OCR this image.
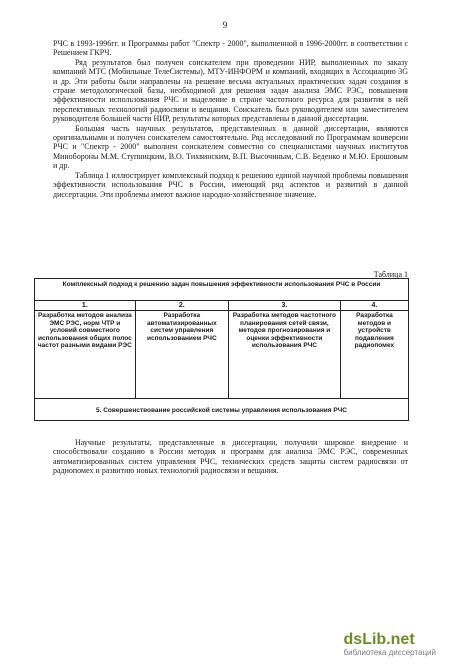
9

РЧС в 1993-1996гг. и Программы работ "Спектр - 2000", выполненной в 1996-2000гг. в соответствии с Решением ГКРЧ.

Ряд результатов был получен соискателем при проведении НИР, выполненных по заказу компаний МТС (Мобильные ТелеСистемы), МТУ-ИНФОРМ и компаний, входящих в Ассоциацию 3G и др. Эти работы были направлены на решение весьма актуальных практических задач создания в стране методологической базы, необходимой для решения задач анализа ЭМС РЭС, повышения эффективности использования РЧС и выделение в стране частотного ресурса для развития в ней перспективных технологий радиосвязи и вещания. Соискатель был руководителем или заместителем руководителя большей части НИР, результаты которых представлены в данной диссертации.

Большая часть научных результатов, представленных в данной диссертации, являются оригинальными и получен соискателем самостоятельно. Ряд исследований по Программам конверсии РЧС и "Спектр - 2000" выполнен соискателем совместно со специалистами научных институтов Минобороны М.М. Ступницким, В.О. Тихвинским, В.П. Высочиным, С.В. Беденко и М.Ю. Ерошовым и др.

Таблица 1 иллюстрирует комплексный подход к решению единой научной проблемы повышения эффективности использования РЧС в России, имеющий ряд аспектов и развитий в данной диссертации. Эти проблемы имеют важное народно-хозяйственное значение.

Таблица 1
Комплексный подход к решению задач повышения эффективности использования РЧС в России
1.
Разработка методов анализа ЭМС РЭС, норм ЧТР и условий совместного использования общих полос частот разными видами РЭС
2.
Разработка автоматизированных систем управления использованием РЧС
3.
Разработка методов частотного планирования сетей связи, методов прогнозирования и оценки эффективности использования РЧС
4.
Разработка методов и устройств подавления радиопомех
5. Совершенствование российской системы управления использования РЧС

Научные результаты, представленные в диссертации, получили широкое внедрение и способствовали созданию в России методик и программ для анализа ЭМС РЭС, современных автоматизированных систем управления РЧС, технических средств защиты систем радиосвязи от радиопомех и развитию новых технологий радиосвязи и вещания.

dsLib.net
библиотека диссертаций
